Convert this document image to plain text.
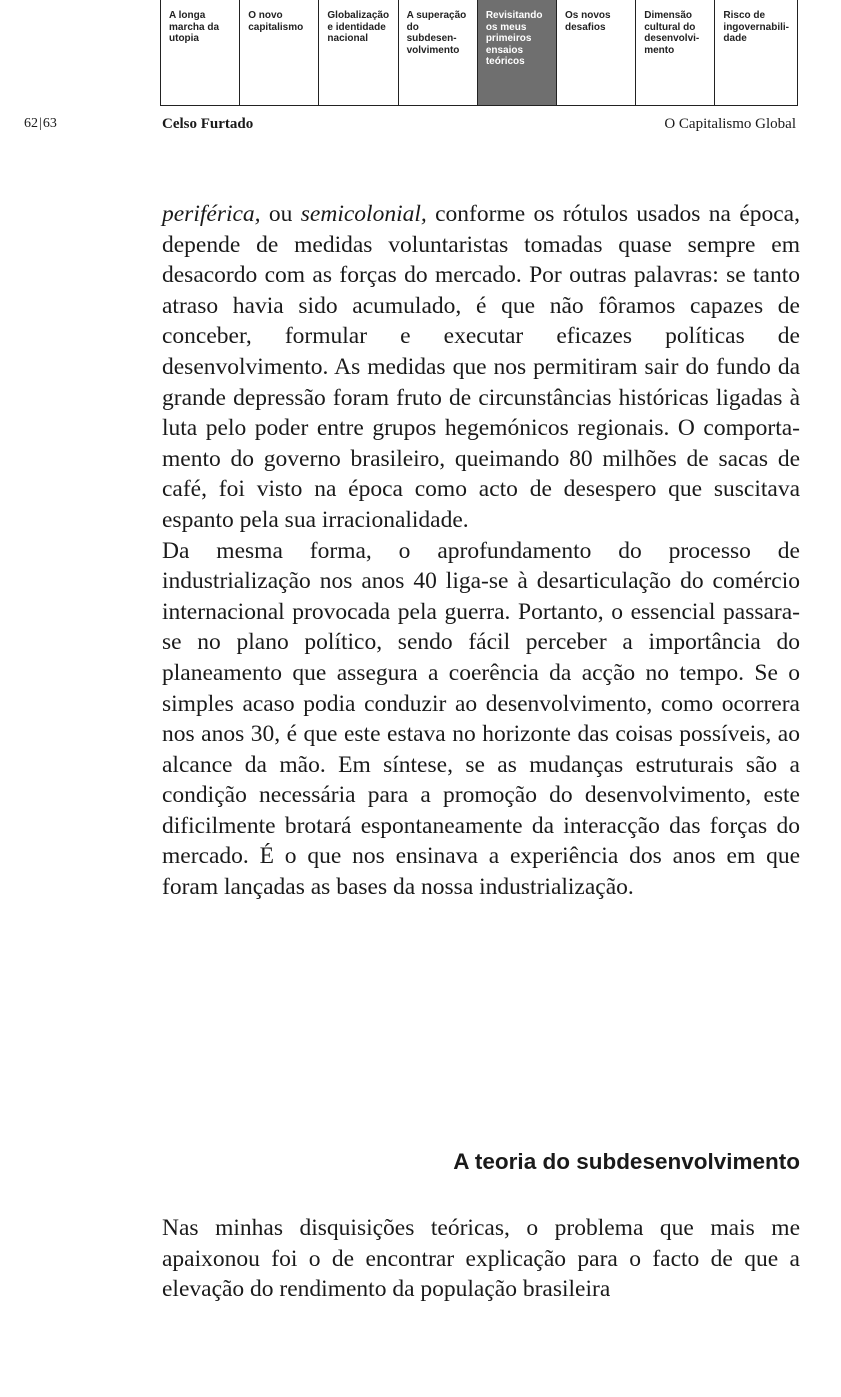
A longa
marcha da
utopia
O novo
capitalismo
Globalização
e identidade
nacional
A superação
do subdesen-
volvimento
Revisitando
os meus
primeiros
ensaios
teóricos
Os novos
desafios
Dimensão
cultural do
desenvolvi-
mento
Risco de
ingovernabili-
dade
62|63	Celso Furtado	O Capitalismo Global

periférica, ou semicolonial, conforme os rótulos usados na época, depende de medidas voluntaristas tomadas quase sempre em desacordo com as forças do mercado. Por outras palavras: se tanto atraso havia sido acumulado, é que não fôramos capazes de conceber, formular e executar eficazes políticas de desenvolvimento. As medidas que nos permitiram sair do fundo da grande depressão foram fruto de circunstâncias históricas ligadas à luta pelo poder entre grupos hegemónicos regionais. O comportamento do governo brasileiro, queimando 80 milhões de sacas de café, foi visto na época como acto de desespero que suscitava espanto pela sua irracionalidade.

Da mesma forma, o aprofundamento do processo de industrialização nos anos 40 liga-se à desarticulação do comércio internacional provocada pela guerra. Portanto, o essencial passara-se no plano político, sendo fácil perceber a importância do planeamento que assegura a coerência da acção no tempo. Se o simples acaso podia conduzir ao desenvolvimento, como ocorrera nos anos 30, é que este estava no horizonte das coisas possíveis, ao alcance da mão. Em síntese, se as mudanças estruturais são a condição necessária para a promoção do desenvolvimento, este dificilmente brotará espontaneamente da interacção das forças do mercado. É o que nos ensinava a experiência dos anos em que foram lançadas as bases da nossa industrialização.

A teoria do subdesenvolvimento

Nas minhas disquisições teóricas, o problema que mais me apaixonou foi o de encontrar explicação para o facto de que a elevação do rendimento da população brasileira
